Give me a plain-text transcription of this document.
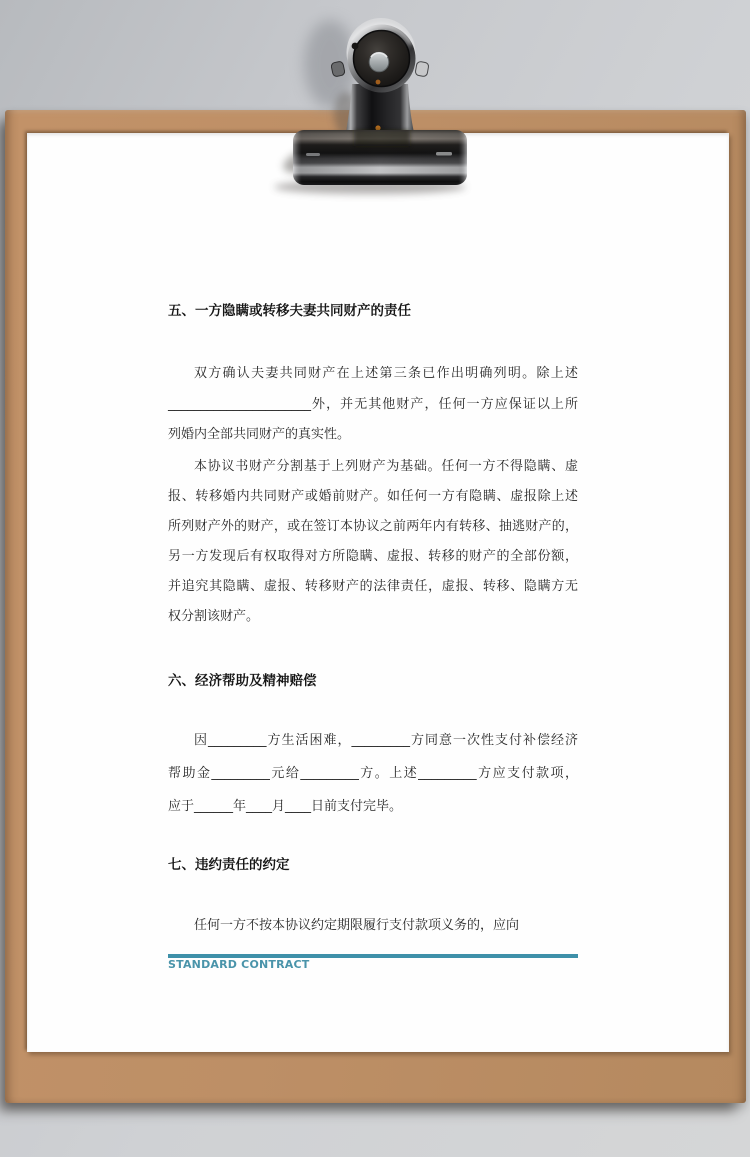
STANDARD CONTRACT
五、一方隐瞒或转移夫妻共同财产的责任
双方确认夫妻共同财产在上述第三条已作出明确列明。除上述
______________________外，并无其他财产，任何一方应保证以上所
列婚内全部共同财产的真实性。
本协议书财产分割基于上列财产为基础。任何一方不得隐瞒、虚
报、转移婚内共同财产或婚前财产。如任何一方有隐瞒、虚报除上述
所列财产外的财产，或在签订本协议之前两年内有转移、抽逃财产的，
另一方发现后有权取得对方所隐瞒、虚报、转移的财产的全部份额，
并追究其隐瞒、虚报、转移财产的法律责任，虚报、转移、隐瞒方无
权分割该财产。
六、经济帮助及精神赔偿
因_________方生活困难，_________方同意一次性支付补偿经济
帮助金_________元给_________方。上述_________方应支付款项，
应于______年____月____日前支付完毕。
七、违约责任的约定
任何一方不按本协议约定期限履行支付款项义务的，应向
